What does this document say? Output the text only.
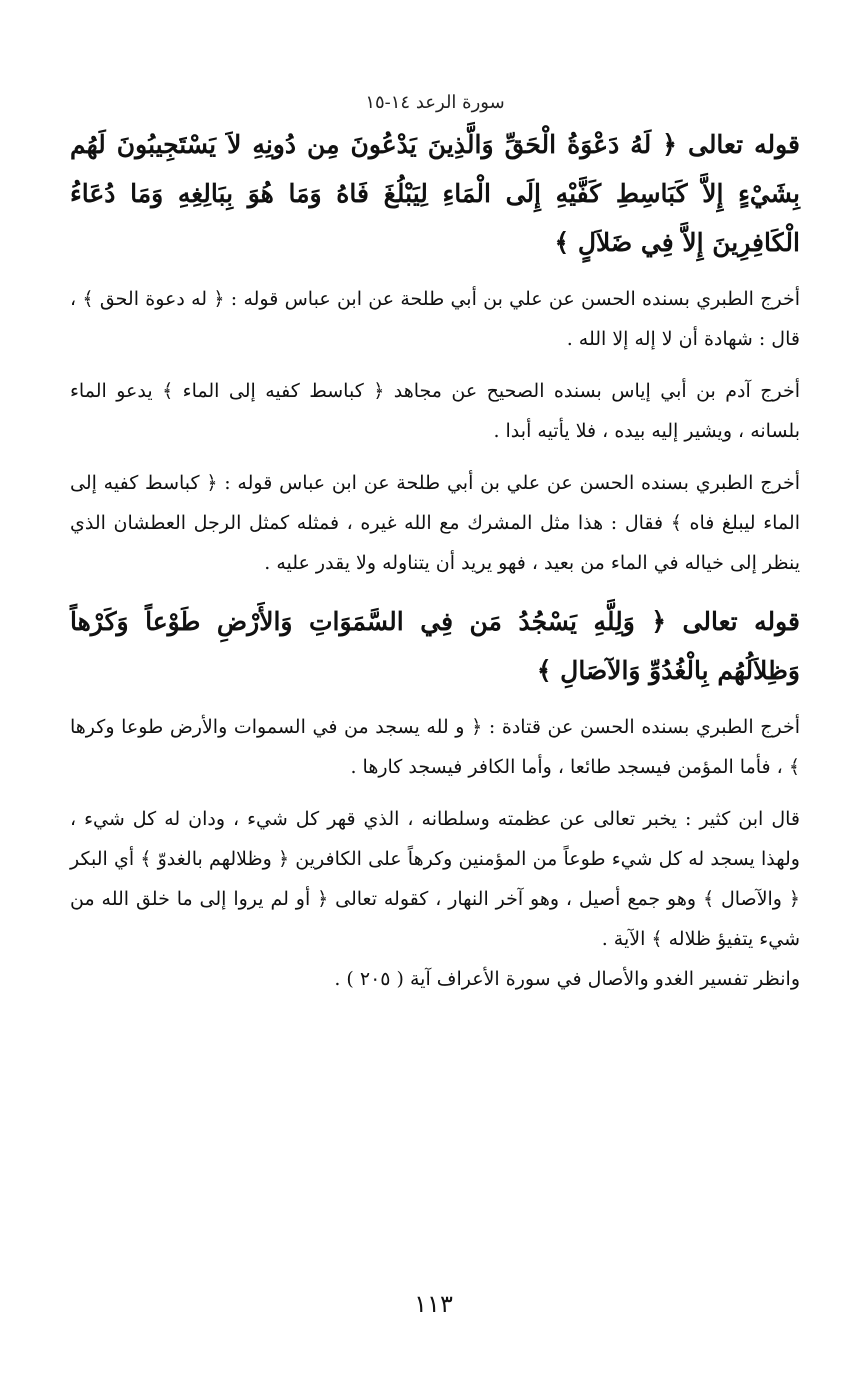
سورة الرعد ١٤-١٥

قوله تعالى ﴿ لَهُ دَعْوَةُ الْحَقِّ وَالَّذِينَ يَدْعُونَ مِن دُونِهِ لاَ يَسْتَجِيبُونَ لَهُم بِشَيْءٍ إِلاَّ كَبَاسِطِ كَفَّيْهِ إِلَى الْمَاءِ لِيَبْلُغَ فَاهُ وَمَا هُوَ بِبَالِغِهِ وَمَا دُعَاءُ الْكَافِرِينَ إِلاَّ فِي ضَلاَلٍ ﴾

أخرج الطبري بسنده الحسن عن علي بن أبي طلحة عن ابن عباس قوله : ﴿ له دعوة الحق ﴾ ، قال : شهادة أن لا إله إلا الله .

أخرج آدم بن أبي إياس بسنده الصحيح عن مجاهد ﴿ كباسط كفيه إلى الماء ﴾ يدعو الماء بلسانه ، ويشير إليه بيده ، فلا يأتيه أبدا .

أخرج الطبري بسنده الحسن عن علي بن أبي طلحة عن ابن عباس قوله : ﴿ كباسط كفيه إلى الماء ليبلغ فاه ﴾ فقال : هذا مثل المشرك مع الله غيره ، فمثله كمثل الرجل العطشان الذي ينظر إلى خياله في الماء من بعيد ، فهو يريد أن يتناوله ولا يقدر عليه .

قوله تعالى ﴿ وَلِلَّهِ يَسْجُدُ مَن فِي السَّمَوَاتِ وَالأَرْضِ طَوْعاً وَكَرْهاً وَظِلاَلُهُم بِالْغُدُوِّ وَالآصَالِ ﴾

أخرج الطبري بسنده الحسن عن قتادة : ﴿ و لله يسجد من في السموات والأرض طوعا وكرها ﴾ ، فأما المؤمن فيسجد طائعا ، وأما الكافر فيسجد كارها .

قال ابن كثير : يخبر تعالى عن عظمته وسلطانه ، الذي قهر كل شيء ، ودان له كل شيء ، ولهذا يسجد له كل شيء طوعاً من المؤمنين وكرهاً على الكافرين ﴿ وظلالهم بالغدوّ ﴾ أي البكر ﴿ والآصال ﴾ وهو جمع أصيل ، وهو آخر النهار ، كقوله تعالى ﴿ أو لم يروا إلى ما خلق الله من شيء يتفيؤ ظلاله ﴾ الآية .

وانظر تفسير الغدو والأصال في سورة الأعراف آية ( ٢٠٥ ) .

١١٣
